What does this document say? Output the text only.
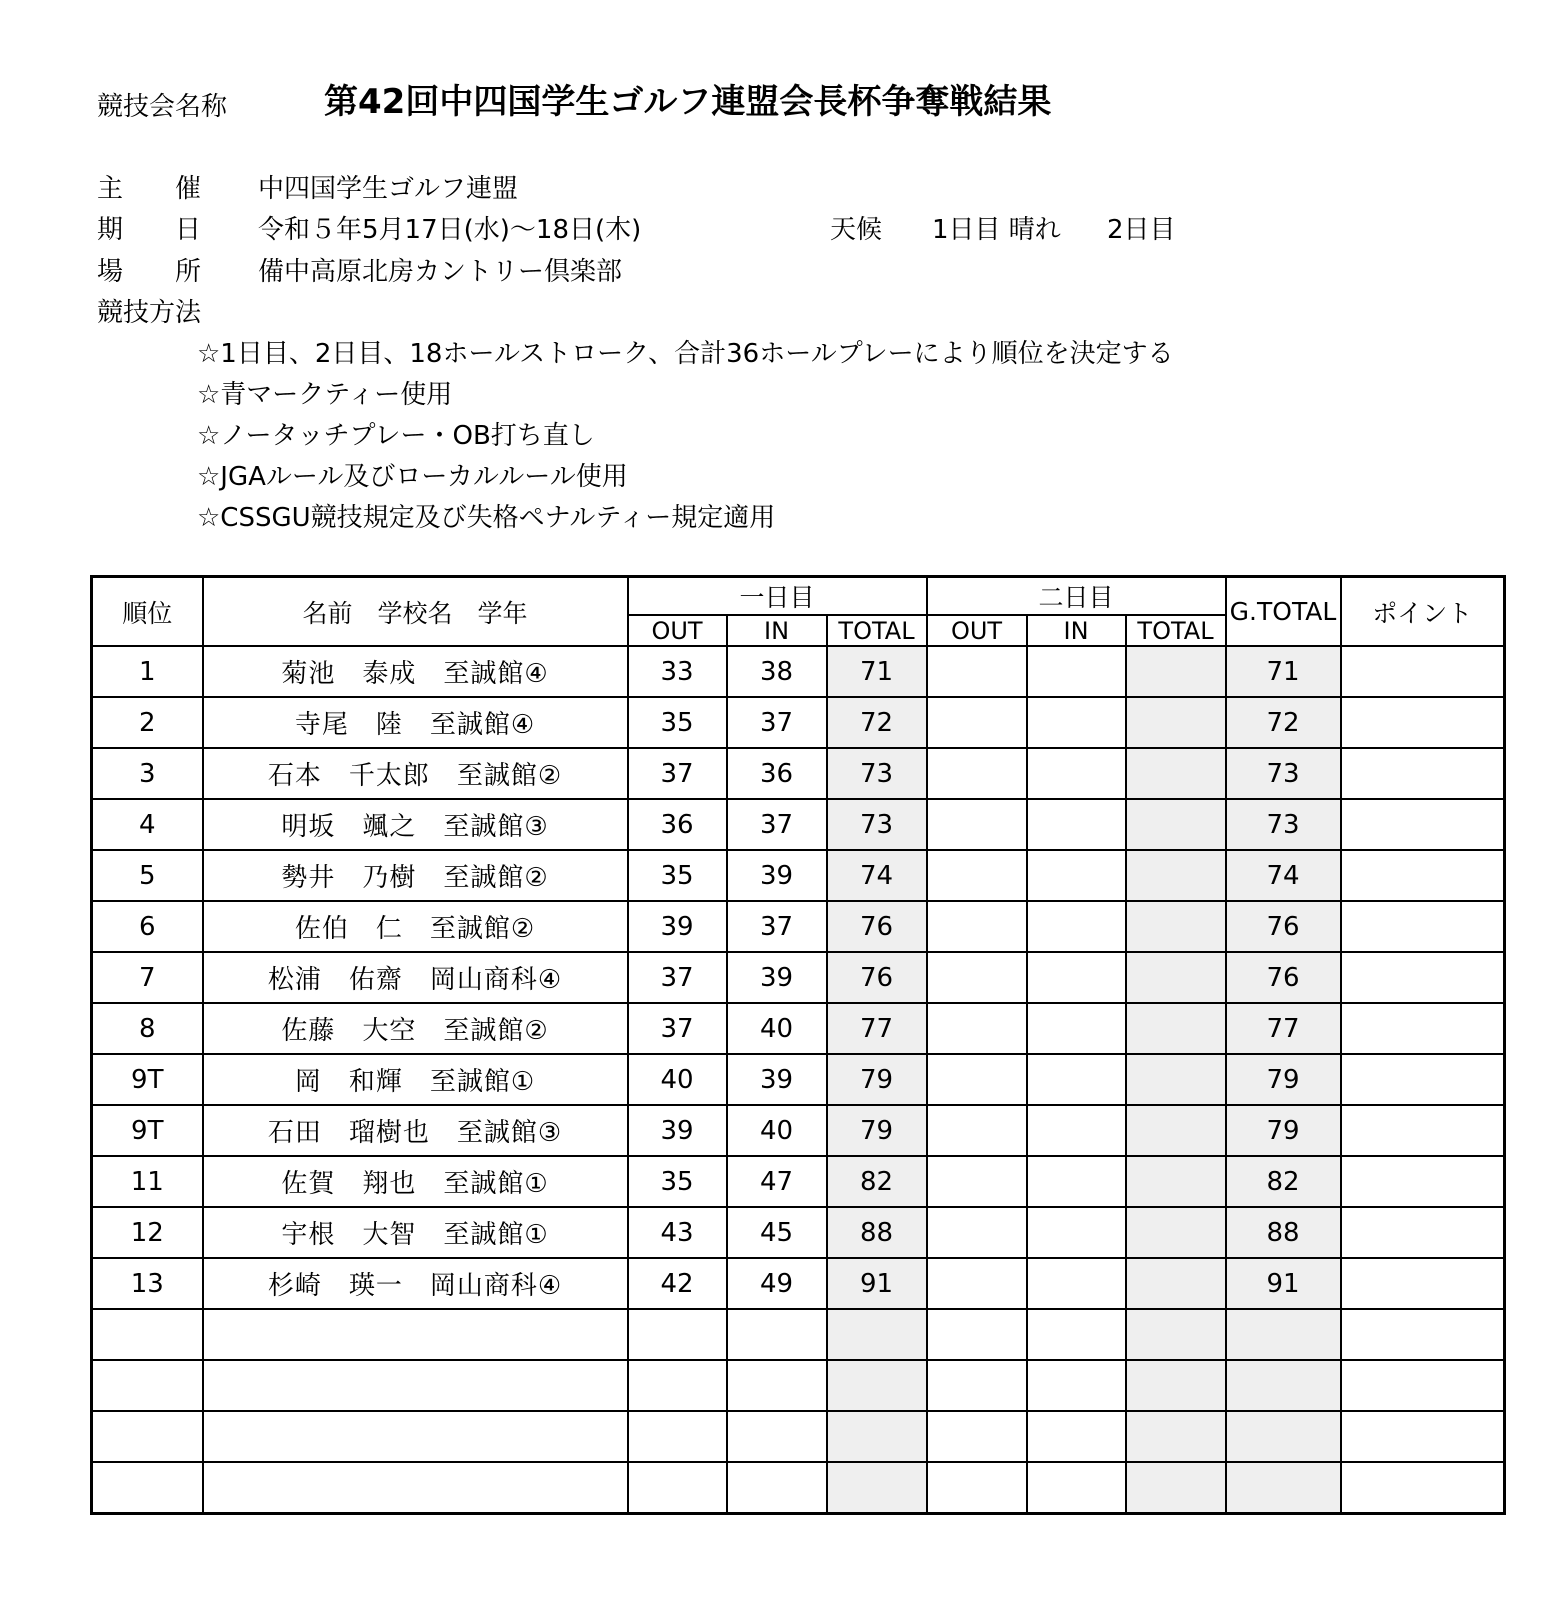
競技会名称	第42回中四国学生ゴルフ連盟会長杯争奪戦結果
主　　催 中四国学生ゴルフ連盟
期　　日 令和５年5月17日(水)～18日(木)	天候 1日目 晴れ 2日目
場　　所 備中高原北房カントリー倶楽部
競技方法
☆1日目、2日目、18ホールストローク、合計36ホールプレーにより順位を決定する
☆青マークティー使用
☆ノータッチプレー・OB打ち直し
☆JGAルール及びローカルルール使用
☆CSSGU競技規定及び失格ペナルティー規定適用
順位	名前　学校名　学年	一日目			二日目			G.TOTAL	ポイント
		OUT	IN	TOTAL	OUT	IN	TOTAL		
1	菊池　泰成　至誠館④	33	38	71				71	
2	寺尾　陸　至誠館④	35	37	72				72	
3	石本　千太郎　至誠館②	37	36	73				73	
4	明坂　颯之　至誠館③	36	37	73				73	
5	勢井　乃樹　至誠館②	35	39	74				74	
6	佐伯　仁　至誠館②	39	37	76				76	
7	松浦　佑齋　岡山商科④	37	39	76				76	
8	佐藤　大空　至誠館②	37	40	77				77	
9T	岡　和輝　至誠館①	40	39	79				79	
9T	石田　瑠樹也　至誠館③	39	40	79				79	
11	佐賀　翔也　至誠館①	35	47	82				82	
12	宇根　大智　至誠館①	43	45	88				88	
13	杉崎　瑛一　岡山商科④	42	49	91				91	
